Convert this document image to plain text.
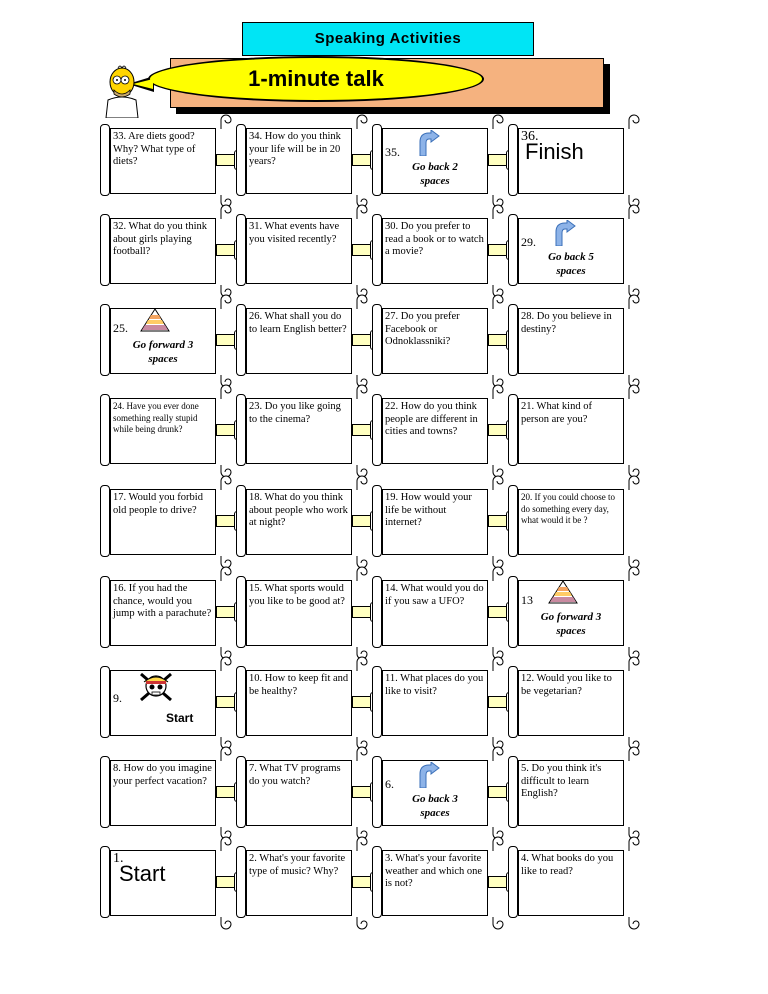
Speaking Activities
1-minute talk
33. Are diets good? Why? What type of diets?
34. How do you think your life will be in 20 years?
35.
Go back 2 spaces
36.
Finish
32. What do you think about girls playing football?
31. What events have you visited recently?
30. Do you prefer to read a book or to watch a movie?
29.
Go back 5 spaces
25.
Go forward 3 spaces
26. What shall you do to learn English better?
27. Do you prefer Facebook or Odnoklassniki?
28. Do you believe in destiny?
24. Have you ever done something really stupid while being drunk?
23. Do you like going to the cinema?
22. How do you think people are different in cities and towns?
21. What kind of person are you?
17. Would you forbid old people to drive?
18. What do you think about people who work at night?
19. How would your life be without internet?
20. If you could choose to do something every day, what would it be ?
16. If you had the chance, would you jump with a parachute?
15. What sports would you like to be good at?
14. What would you do if you saw a UFO?	13
Go forward 3 spaces
9.
Start
10. How to keep fit and be healthy?
11. What places do you like to visit?
12. Would you like to be vegetarian?
8. How do you imagine your perfect vacation?
7. What TV programs do you watch?	6.
Go back 3 spaces
5. Do you think it's difficult to learn English?
1.
Start
2. What's your favorite type of music? Why?
3. What's your favorite weather and which one is not?
4. What books do you like to read?
